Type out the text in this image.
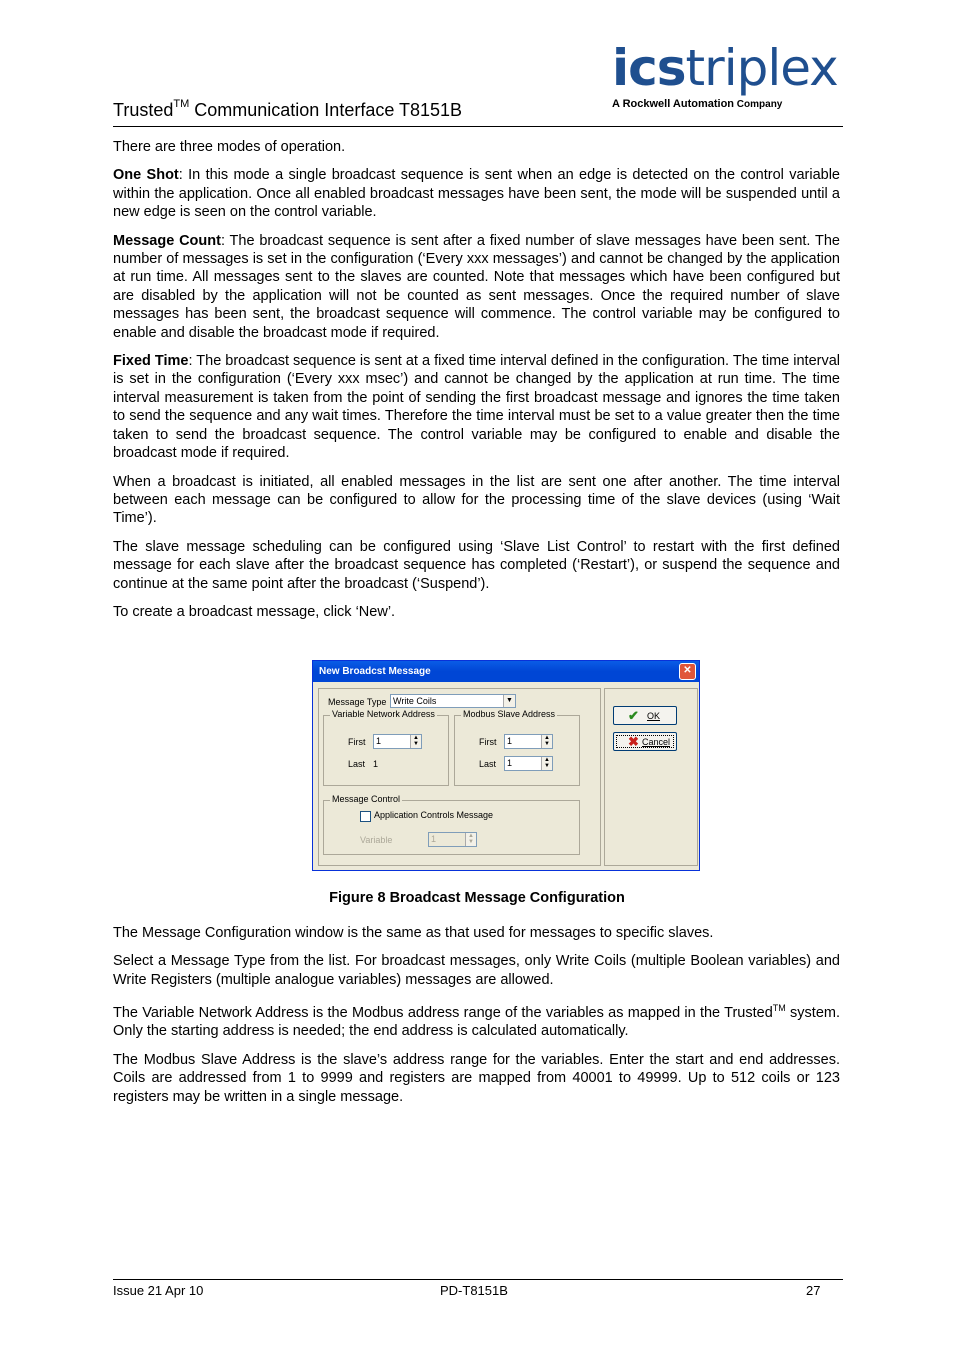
Trusted™ Communication Interface T8151B
icstriplex
A Rockwell Automation Company

There are three modes of operation.

One Shot: In this mode a single broadcast sequence is sent when an edge is detected on the control variable within the application. Once all enabled broadcast messages have been sent, the mode will be suspended until a new edge is seen on the control variable.

Message Count: The broadcast sequence is sent after a fixed number of slave messages have been sent. The number of messages is set in the configuration (‘Every xxx messages’) and cannot be changed by the application at run time. All messages sent to the slaves are counted. Note that messages which have been configured but are disabled by the application will not be counted as sent messages. Once the required number of slave messages has been sent, the broadcast sequence will commence. The control variable may be configured to enable and disable the broadcast mode if required.

Fixed Time: The broadcast sequence is sent at a fixed time interval defined in the configuration. The time interval is set in the configuration (‘Every xxx msec’) and cannot be changed by the application at run time. The time interval measurement is taken from the point of sending the first broadcast message and ignores the time taken to send the sequence and any wait times. Therefore the time interval must be set to a value greater then the time taken to send the broadcast sequence. The control variable may be configured to enable and disable the broadcast mode if required.

When a broadcast is initiated, all enabled messages in the list are sent one after another. The time interval between each message can be configured to allow for the processing time of the slave devices (using ‘Wait Time’).

The slave message scheduling can be configured using ‘Slave List Control’ to restart with the first defined message for each slave after the broadcast sequence has completed (‘Restart’), or suspend the sequence and continue at the same point after the broadcast (‘Suspend’).

To create a broadcast message, click ‘New’.

New Broadcst Message	✕
Message Type Write Coils	▼
Variable Network Address
First	1	▲
▼
Last 1
Modbus Slave Address
First	1	▲
▼
Last	1	▲
▼
Message Control
Application Controls Message
Variable	1	▲
▼
✔ OK
✖ Cancel
Figure 8 Broadcast Message Configuration

The Message Configuration window is the same as that used for messages to specific slaves.

Select a Message Type from the list. For broadcast messages, only Write Coils (multiple Boolean variables) and Write Registers (multiple analogue variables) messages are allowed.

The Variable Network Address is the Modbus address range of the variables as mapped in the Trusted™ system. Only the starting address is needed; the end address is calculated automatically.

The Modbus Slave Address is the slave’s address range for the variables. Enter the start and end addresses. Coils are addressed from 1 to 9999 and registers are mapped from 40001 to 49999. Up to 512 coils or 123 registers may be written in a single message.

Issue 21 Apr 10	PD-T8151B	27
